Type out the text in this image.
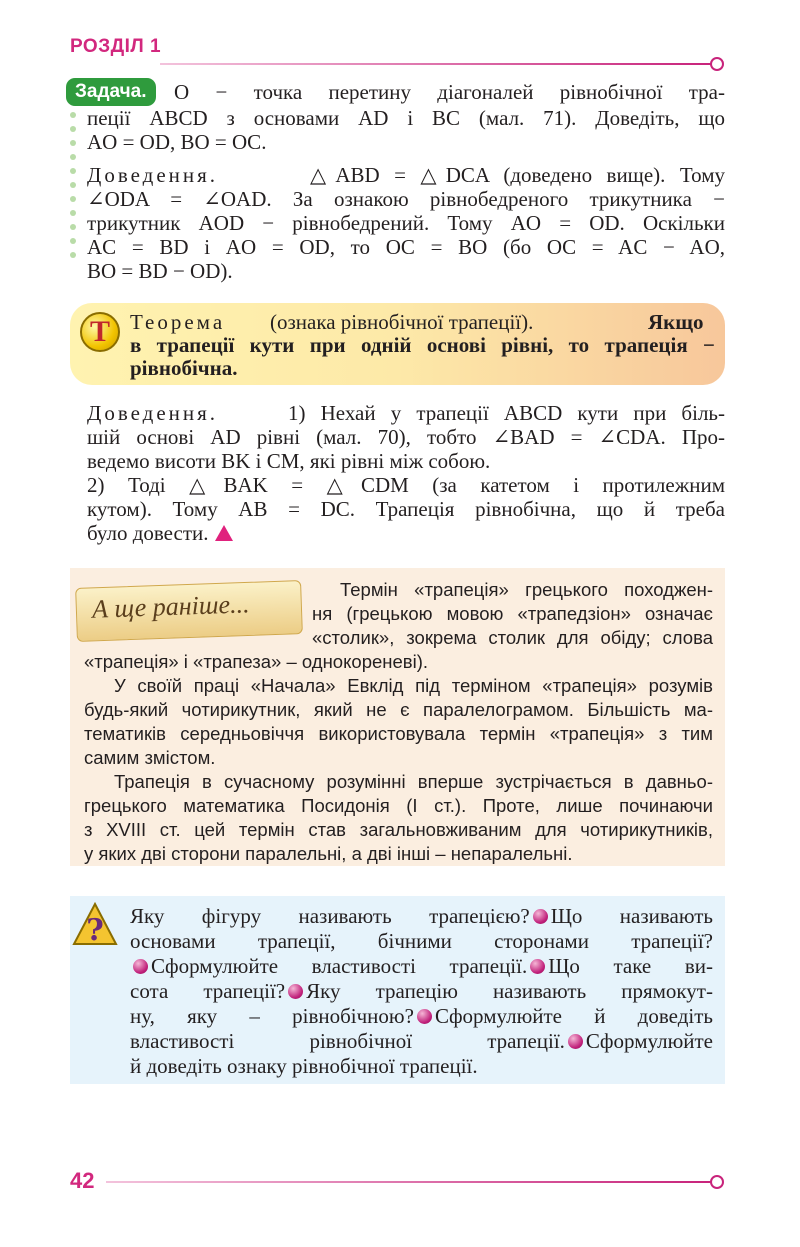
РОЗДІЛ 1
Задача.	O − точка перетину діагоналей рівнобічної тра-
пеції ABCD з основами AD і BC (мал. 71). Доведіть, що
AO = OD, BO = OC.
Доведення.	△ABD = △DCA (доведено вище). Тому
∠ODA = ∠OAD. За ознакою рівнобедреного трикутника −
трикутник AOD − рівнобедрений. Тому AO = OD. Оскільки
AC = BD і AO = OD, то OC = BO (бо OC = AC − AO,
BO = BD − OD).
T Теорема (ознака рівнобічної трапеції).	Якщо
в трапеції кути при одній основі рівні, то трапеція −
рівнобічна.
Доведення.	1) Нехай у трапеції ABCD кути при біль-
шій основі AD рівні (мал. 70), тобто ∠BAD = ∠CDA. Про-
ведемо висоти BK і CM, які рівні між собою.
2) Тоді △BAK = △CDM (за катетом і протилежним
кутом). Тому AB = DC. Трапеція рівнобічна, що й треба
було довести.
А ще раніше...	Термін «трапеція» грецького походжен-
ня (грецькою мовою «трапедзіон» означає
«столик», зокрема столик для обіду; слова
«трапеція» і «трапеза» – однокореневі).
У своїй праці «Начала» Евклід під терміном «трапеція» розумів
будь-який чотирикутник, який не є паралелограмом. Більшість ма-
тематиків середньовіччя використовувала термін «трапеція» з тим
самим змістом.
Трапеція в сучасному розумінні вперше зустрічається в давньо-
грецького математика Посидонія (І ст.). Проте, лише починаючи
з XVIII ст. цей термін став загальновживаним для чотирикутників,
у яких дві сторони паралельні, а дві інші – непаралельні.
? Яку фігуру називають трапецією? Що називають
основами трапеції, бічними сторонами трапеції?
Сформулюйте властивості трапеції. Що таке ви-
сота трапеції? Яку трапецію називають прямокут-
ну, яку – рівнобічною? Сформулюйте й доведіть
властивості рівнобічної трапеції. Сформулюйте
й доведіть ознаку рівнобічної трапеції.
42
